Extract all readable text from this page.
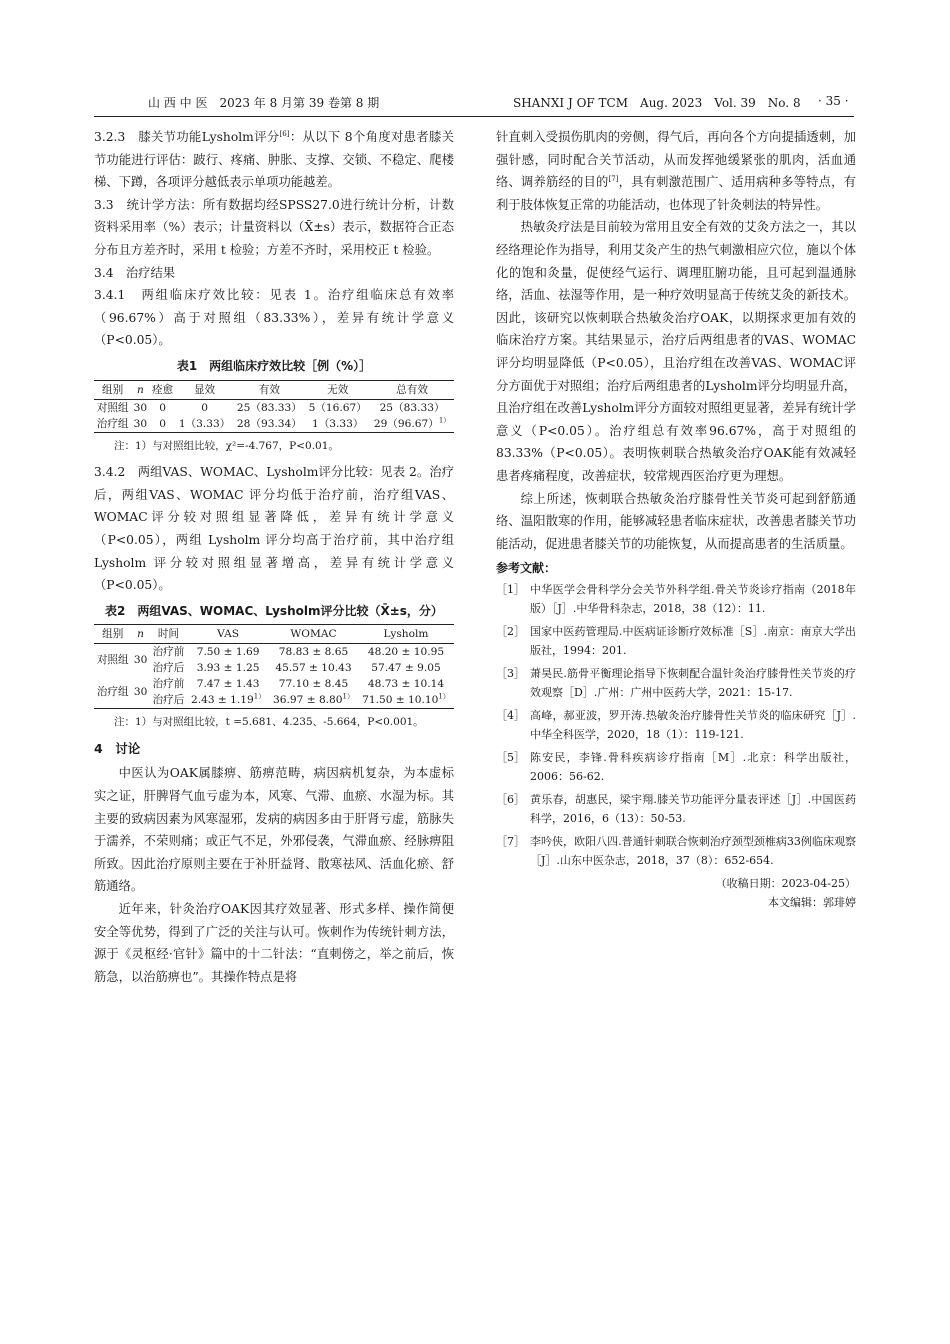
山 西 中 医　2023 年 8 月第 39 卷第 8 期	SHANXI J OF TCM　Aug. 2023　Vol. 39　No. 8 · 35 ·

3.2.3　膝关节功能Lysholm评分[6]：从以下 8个角度对患者膝关节功能进行评估：跛行、疼痛、肿胀、支撑、交锁、不稳定、爬楼梯、下蹲，各项评分越低表示单项功能越差。

3.3　统计学方法：所有数据均经SPSS27.0进行统计分析，计数资料采用率（%）表示；计量资料以（X̄±s）表示，数据符合正态分布且方差齐时，采用 t 检验；方差不齐时，采用校正 t 检验。

3.4　治疗结果

3.4.1　两组临床疗效比较：见表 1。治疗组临床总有效率（96.67%）高于对照组（83.33%），差异有统计学意义（P<0.05）。

表1　两组临床疗效比较［例（%）］
组别	n	痊愈	显效	有效	无效	总有效
对照组	30	0	0	25（83.33）	5（16.67）	25（83.33）
治疗组	30	0	1（3.33）	28（93.34）	1（3.33）	$29(96.67)^{1)}$
注：1）与对照组比较，χ²=-4.767，P<0.01。

3.4.2　两组VAS、WOMAC、Lysholm评分比较：见表 2。治疗后，两组VAS、WOMAC 评分均低于治疗前，治疗组VAS、WOMAC评分较对照组显著降低，差异有统计学意义（P<0.05），两组 Lysholm 评分均高于治疗前，其中治疗组Lysholm 评分较对照组显著增高，差异有统计学意义（P<0.05）。

表2　两组VAS、WOMAC、Lysholm评分比较（X̄±s，分）
组别	n	时间	VAS	WOMAC	Lysholm
对照组	30	治疗前	7.50 ± 1.69	78.83 ± 8.65	48.20 ± 10.95
		治疗后	3.93 ± 1.25	45.57 ± 10.43	57.47 ± 9.05
治疗组	30	治疗前	7.47 ± 1.43	77.10 ± 8.45	48.73 ± 10.14
		治疗后	$2.43 \pm 1.19^{1)}$	$36.97 \pm 8.80^{1)}$	$71.50 \pm 10.10^{1)}$
注：1）与对照组比较，t =5.681、4.235、-5.664，P<0.001。

4　讨论

中医认为OAK属膝痹、筋痹范畴，病因病机复杂，为本虚标实之证，肝脾肾气血亏虚为本，风寒、气滞、血瘀、水湿为标。其主要的致病因素为风寒湿邪，发病的病因多由于肝肾亏虚，筋脉失于濡养，不荣则痛；或正气不足，外邪侵袭，气滞血瘀、经脉痹阻所致。因此治疗原则主要在于补肝益肾、散寒祛风、活血化瘀、舒筋通络。

近年来，针灸治疗OAK因其疗效显著、形式多样、操作简便安全等优势，得到了广泛的关注与认可。恢刺作为传统针刺方法，源于《灵枢经·官针》篇中的十二针法：“直刺傍之，举之前后，恢筋急，以治筋痹也”。其操作特点是将

针直刺入受损伤肌肉的旁侧，得气后，再向各个方向提插透刺，加强针感，同时配合关节活动，从而发挥弛缓紧张的肌肉，活血通络、调养筋经的目的[7]，具有刺激范围广、适用病种多等特点，有利于肢体恢复正常的功能活动，也体现了针灸刺法的特异性。

热敏灸疗法是目前较为常用且安全有效的艾灸方法之一，其以经络理论作为指导，利用艾灸产生的热气刺激相应穴位，施以个体化的饱和灸量，促使经气运行、调理肛腑功能，且可起到温通脉络，活血、祛湿等作用，是一种疗效明显高于传统艾灸的新技术。因此，该研究以恢刺联合热敏灸治疗OAK，以期探求更加有效的临床治疗方案。其结果显示，治疗后两组患者的VAS、WOMAC评分均明显降低（P<0.05），且治疗组在改善VAS、WOMAC评分方面优于对照组；治疗后两组患者的Lysholm评分均明显升高，且治疗组在改善Lysholm评分方面较对照组更显著，差异有统计学意义（P<0.05）。治疗组总有效率96.67%，高于对照组的83.33%（P<0.05）。表明恢刺联合热敏灸治疗OAK能有效减轻患者疼痛程度，改善症状，较常规西医治疗更为理想。

综上所述，恢刺联合热敏灸治疗膝骨性关节炎可起到舒筋通络、温阳散寒的作用，能够减轻患者临床症状，改善患者膝关节功能活动，促进患者膝关节的功能恢复，从而提高患者的生活质量。

参考文献：
［1］ 中华医学会骨科学分会关节外科学组.骨关节炎诊疗指南（2018年版）［J］.中华骨科杂志，2018，38（12）：11.
［2］ 国家中医药管理局.中医病证诊断疗效标准［S］.南京：南京大学出版社，1994：201.
［3］ 萧昊民.筋骨平衡理论指导下恢刺配合温针灸治疗膝骨性关节炎的疗效观察［D］.广州：广州中医药大学，2021：15-17.
［4］ 高峰，郝亚波，罗开涛.热敏灸治疗膝骨性关节炎的临床研究［J］.中华全科医学，2020，18（1）：119-121.
［5］ 陈安民，李锋.骨科疾病诊疗指南［M］.北京：科学出版社，2006：56-62.
［6］ 黄乐春，胡惠民，梁宇翔.膝关节功能评分量表评述［J］.中国医药科学，2016，6（13）：50-53.
［7］ 李吟侠，欧阳八四.普通针刺联合恢刺治疗颈型颈椎病33例临床观察［J］.山东中医杂志，2018，37（8）：652-654.
（收稿日期：2023-04-25）
本文编辑：郭琲婷
